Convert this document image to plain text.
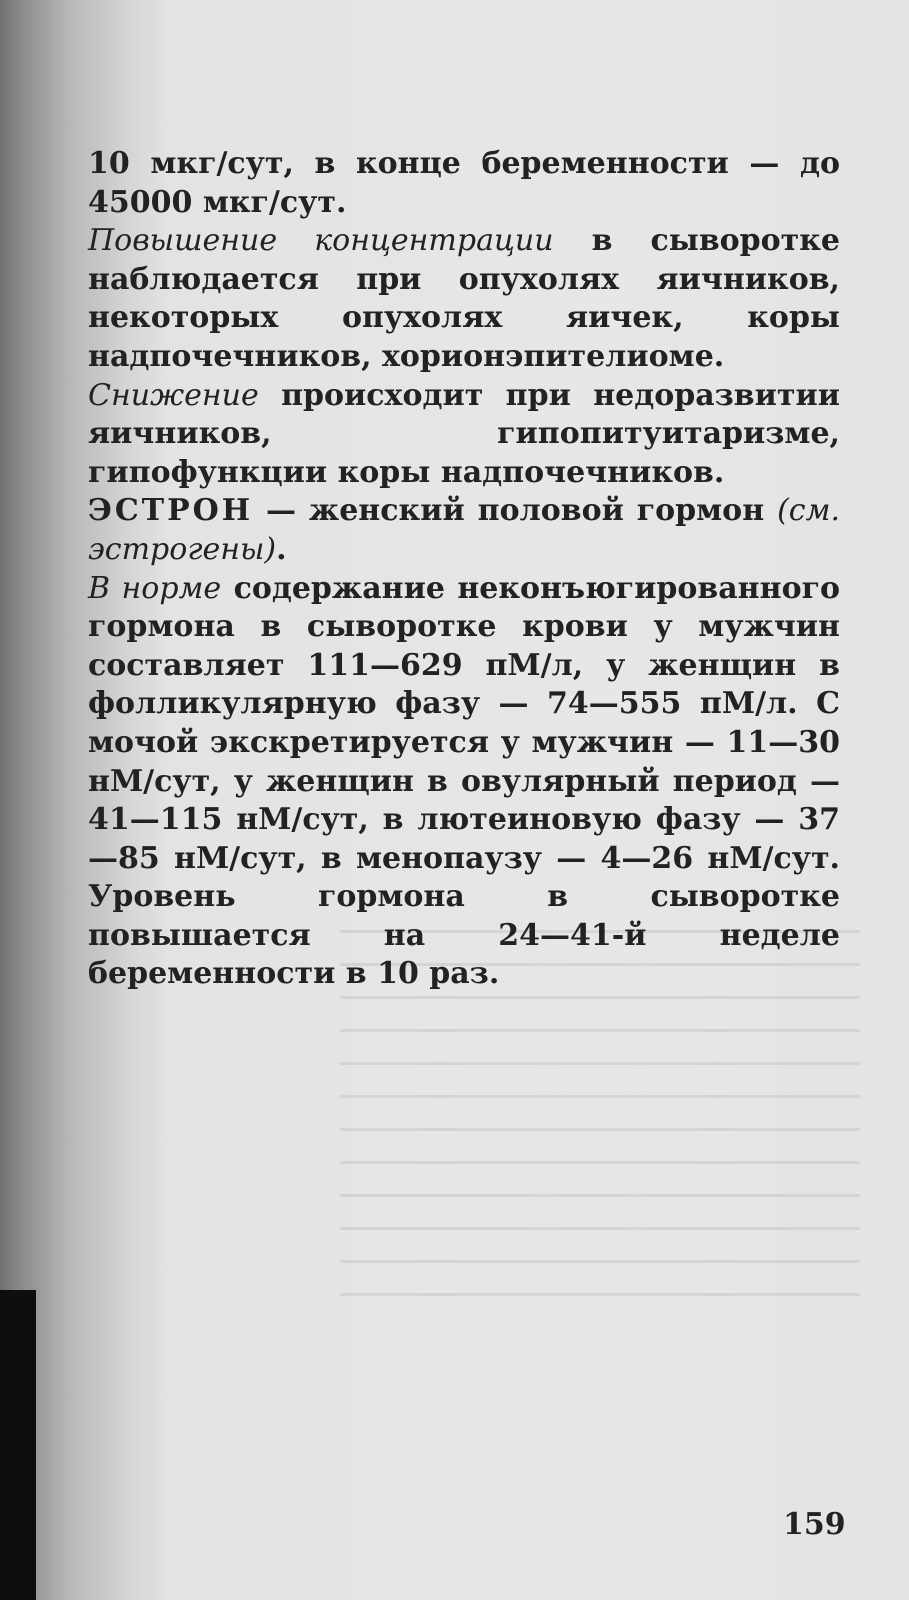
10 мкг/сут, в конце беременности — до 45000 мкг/сут.

Повышение концентрации в сыворотке наблюдается при опухолях яичников, некоторых опухолях яичек, коры надпочечников, хорионэпителиоме.

Снижение происходит при недоразвитии яичников, гипопитуитаризме, гипофункции коры надпочечников.

ЭСТРОН — женский половой гормон (см. эстрогены).

В норме содержание неконъюгированного гормона в сыворотке крови у мужчин составляет 111—629 пМ/л, у женщин в фолликулярную фазу — 74—555 пМ/л. С мочой экскретируется у мужчин — 11—30 нМ/сут, у женщин в овулярный период — 41—115 нМ/сут, в лютеиновую фазу — 37—85 нМ/сут, в менопаузу — 4—26 нМ/сут. Уровень гормона в сыворотке повышается на 24—41-й неделе беременности в 10 раз.

159
